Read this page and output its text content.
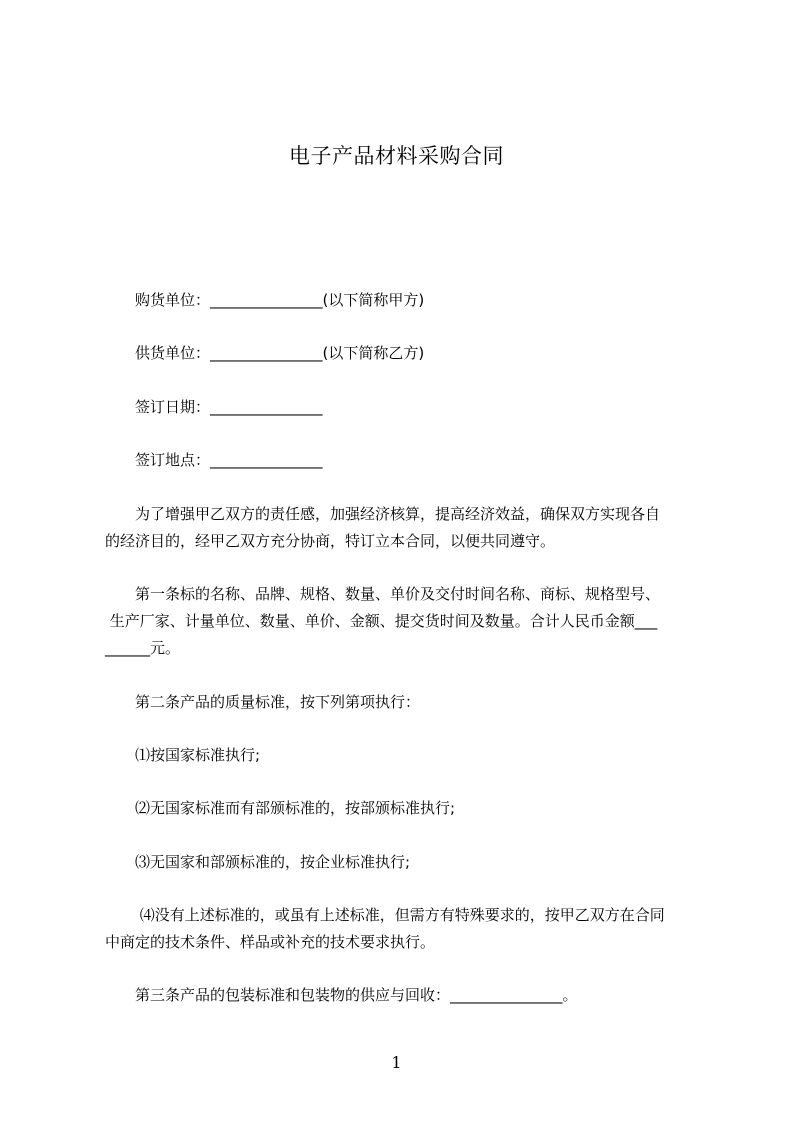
电子产品材料采购合同
购货单位：_______________(以下简称甲方)
供货单位：_______________(以下简称乙方)
签订日期：_______________
签订地点：_______________
为了增强甲乙双方的责任感，加强经济核算，提高经济效益，确保双方实现各自
的经济目的，经甲乙双方充分协商，特订立本合同，以便共同遵守。
第一条标的名称、品牌、规格、数量、单价及交付时间名称、商标、规格型号、
生产厂家、计量单位、数量、单价、金额、提交货时间及数量。合计人民币金额___
______元。
第二条产品的质量标准，按下列第项执行：
⑴按国家标准执行;
⑵无国家标准而有部颁标准的，按部颁标准执行;
⑶无国家和部颁标准的，按企业标准执行;
⑷没有上述标准的，或虽有上述标准，但需方有特殊要求的，按甲乙双方在合同
中商定的技术条件、样品或补充的技术要求执行。
第三条产品的包装标准和包装物的供应与回收：_______________。
1
